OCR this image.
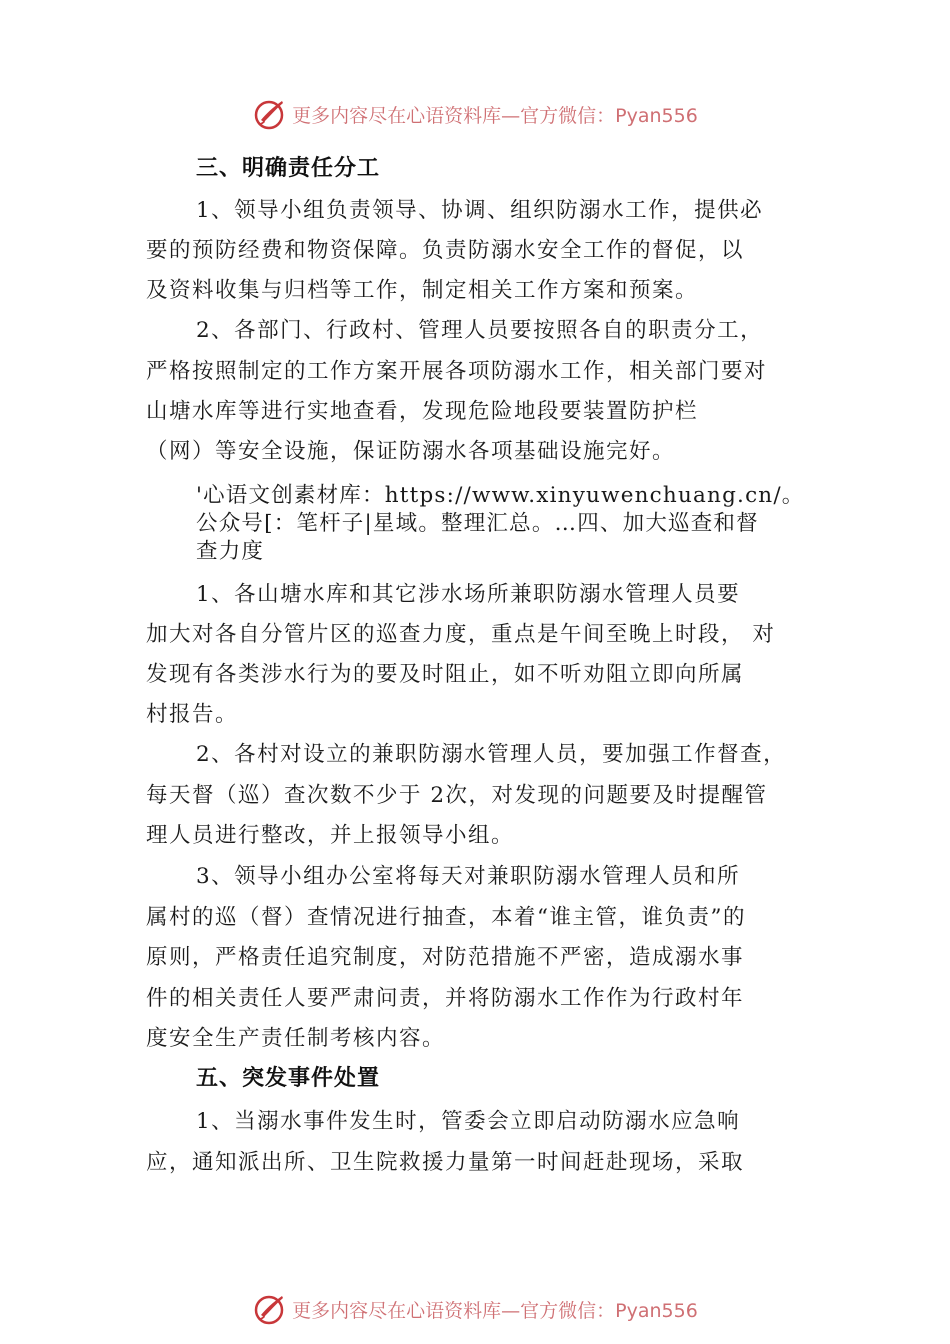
更多内容尽在心语资料库—官方微信：Pyan556
三、明确责任分工
1、领导小组负责领导、协调、组织防溺水工作，提供必
要的预防经费和物资保障。负责防溺水安全工作的督促，以
及资料收集与归档等工作，制定相关工作方案和预案。
2、各部门、行政村、管理人员要按照各自的职责分工，
严格按照制定的工作方案开展各项防溺水工作，相关部门要对
山塘水库等进行实地查看，发现危险地段要装置防护栏
（网）等安全设施，保证防溺水各项基础设施完好。
'心语文创素材库：https://www.xinyuwenchuang.cn/。
公众号[：笔杆子|星域。整理汇总。…四、加大巡查和督
查力度
1、各山塘水库和其它涉水场所兼职防溺水管理人员要
加大对各自分管片区的巡查力度，重点是午间至晚上时段， 对
发现有各类涉水行为的要及时阻止，如不听劝阻立即向所属
村报告。
2、各村对设立的兼职防溺水管理人员，要加强工作督查，
每天督（巡）查次数不少于 2次，对发现的问题要及时提醒管
理人员进行整改，并上报领导小组。
3、领导小组办公室将每天对兼职防溺水管理人员和所
属村的巡（督）查情况进行抽查，本着“谁主管，谁负责”的
原则，严格责任追究制度，对防范措施不严密，造成溺水事
件的相关责任人要严肃问责，并将防溺水工作作为行政村年
度安全生产责任制考核内容。
五、突发事件处置
1、当溺水事件发生时，管委会立即启动防溺水应急响
应，通知派出所、卫生院救援力量第一时间赶赴现场，采取
更多内容尽在心语资料库—官方微信：Pyan556
